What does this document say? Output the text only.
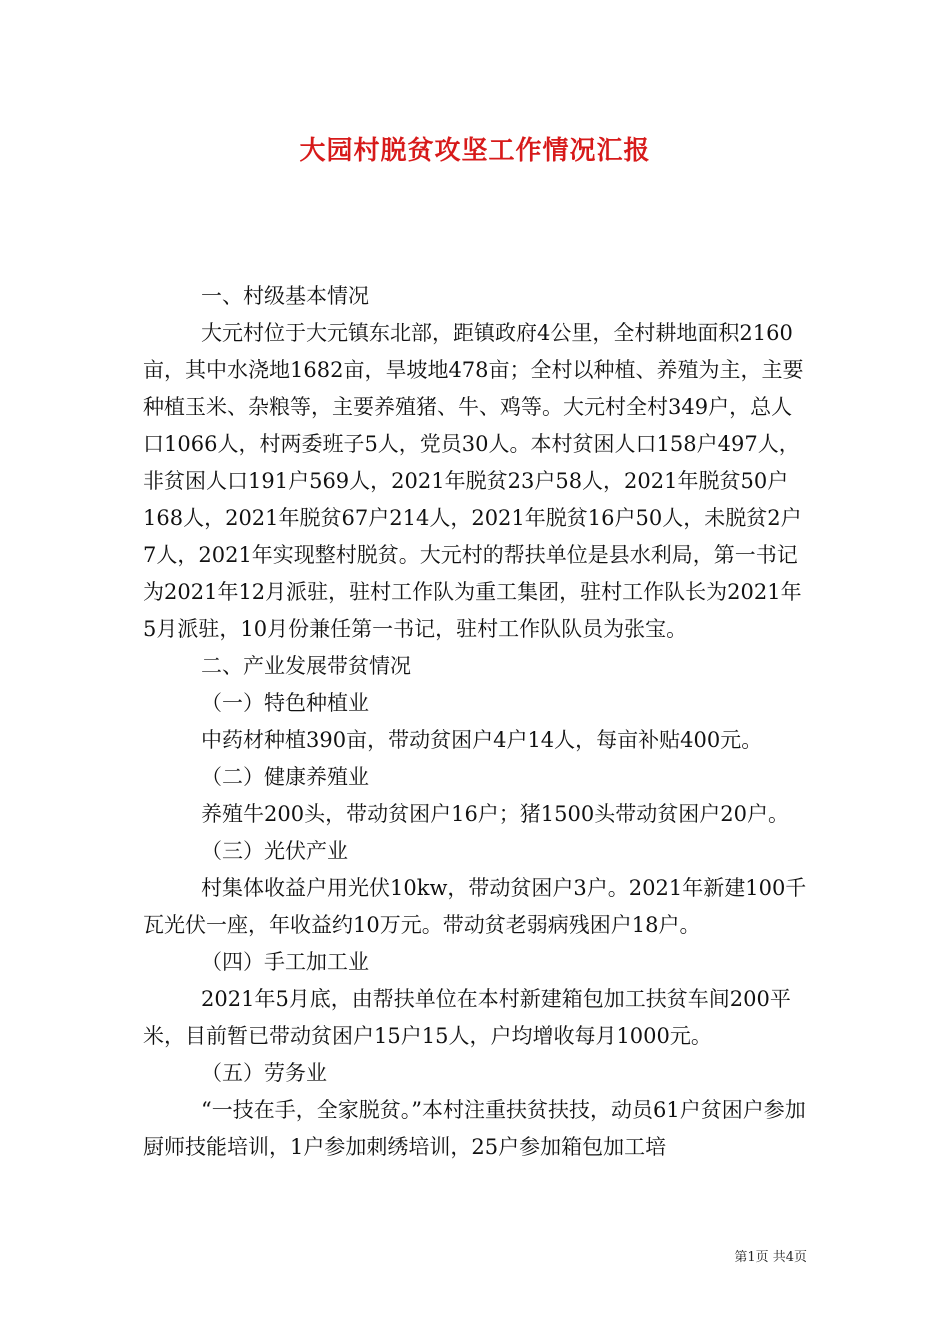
大园村脱贫攻坚工作情况汇报

一、村级基本情况

大元村位于大元镇东北部，距镇政府4公里，全村耕地面积2160亩，其中水浇地1682亩，旱坡地478亩；全村以种植、养殖为主，主要种植玉米、杂粮等，主要养殖猪、牛、鸡等。大元村全村349户，总人口1066人，村两委班子5人，党员30人。本村贫困人口158户497人，非贫困人口191户569人，2021年脱贫23户58人，2021年脱贫50户168人，2021年脱贫67户214人，2021年脱贫16户50人，未脱贫2户7人，2021年实现整村脱贫。大元村的帮扶单位是县水利局，第一书记为2021年12月派驻，驻村工作队为重工集团，驻村工作队长为2021年5月派驻，10月份兼任第一书记，驻村工作队队员为张宝。

二、产业发展带贫情况

（一）特色种植业

中药材种植390亩，带动贫困户4户14人，每亩补贴400元。

（二）健康养殖业

养殖牛200头，带动贫困户16户；猪1500头带动贫困户20户。

（三）光伏产业

村集体收益户用光伏10kw，带动贫困户3户。2021年新建100千瓦光伏一座，年收益约10万元。带动贫老弱病残困户18户。

（四）手工加工业

2021年5月底，由帮扶单位在本村新建箱包加工扶贫车间200平米，目前暂已带动贫困户15户15人，户均增收每月1000元。

（五）劳务业

“一技在手，全家脱贫。”本村注重扶贫扶技，动员61户贫困户参加厨师技能培训，1户参加刺绣培训，25户参加箱包加工培

第1页 共4页
